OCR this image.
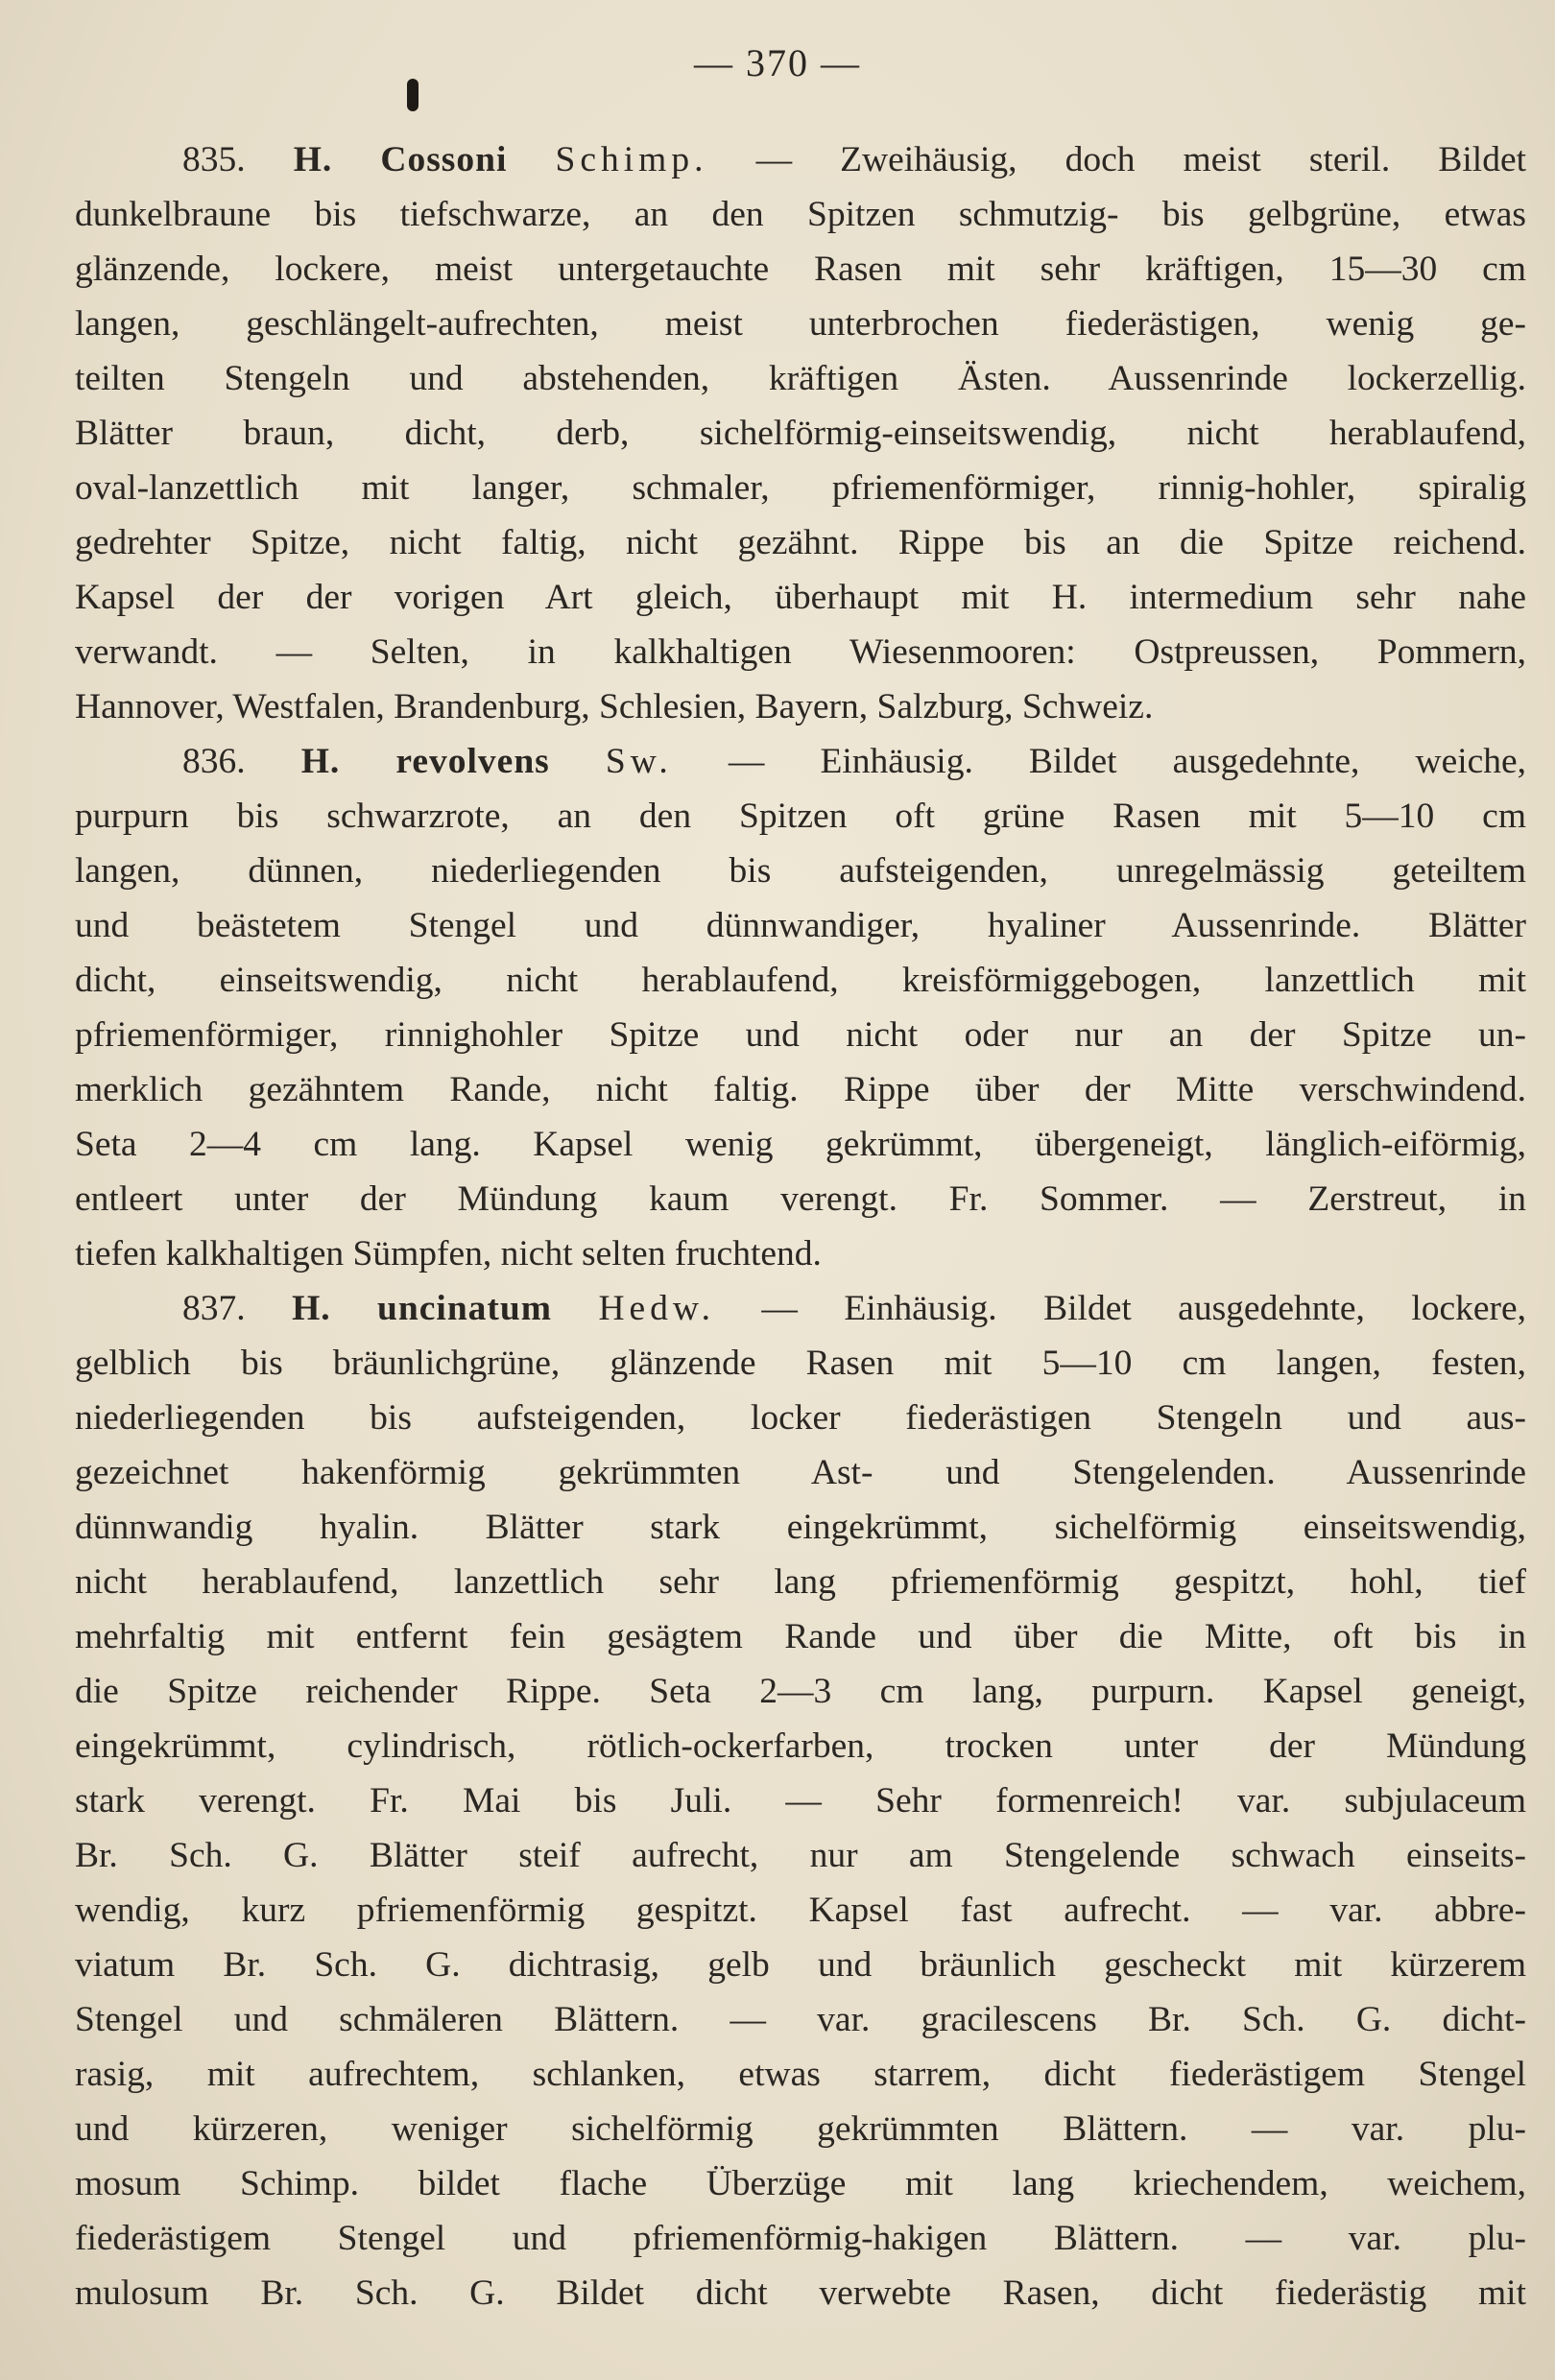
— 370 —
835. H. Cossoni Schimp. — Zweihäusig, doch meist steril. Bildet
dunkelbraune bis tiefschwarze, an den Spitzen schmutzig- bis gelbgrüne, etwas
glänzende, lockere, meist untergetauchte Rasen mit sehr kräftigen, 15—30 cm
langen, geschlängelt-aufrechten, meist unterbrochen fiederästigen, wenig ge-
teilten Stengeln und abstehenden, kräftigen Ästen. Aussenrinde lockerzellig.
Blätter braun, dicht, derb, sichelförmig-einseitswendig, nicht herablaufend,
oval-lanzettlich mit langer, schmaler, pfriemenförmiger, rinnig-hohler, spiralig
gedrehter Spitze, nicht faltig, nicht gezähnt. Rippe bis an die Spitze reichend.
Kapsel der der vorigen Art gleich, überhaupt mit H. intermedium sehr nahe
verwandt. — Selten, in kalkhaltigen Wiesenmooren: Ostpreussen, Pommern,
Hannover, Westfalen, Brandenburg, Schlesien, Bayern, Salzburg, Schweiz.
836. H. revolvens Sw. — Einhäusig. Bildet ausgedehnte, weiche,
purpurn bis schwarzrote, an den Spitzen oft grüne Rasen mit 5—10 cm
langen, dünnen, niederliegenden bis aufsteigenden, unregelmässig geteiltem
und beästetem Stengel und dünnwandiger, hyaliner Aussenrinde. Blätter
dicht, einseitswendig, nicht herablaufend, kreisförmiggebogen, lanzettlich mit
pfriemenförmiger, rinnighohler Spitze und nicht oder nur an der Spitze un-
merklich gezähntem Rande, nicht faltig. Rippe über der Mitte verschwindend.
Seta 2—4 cm lang. Kapsel wenig gekrümmt, übergeneigt, länglich-eiförmig,
entleert unter der Mündung kaum verengt. Fr. Sommer. — Zerstreut, in
tiefen kalkhaltigen Sümpfen, nicht selten fruchtend.
837. H. uncinatum Hedw. — Einhäusig. Bildet ausgedehnte, lockere,
gelblich bis bräunlichgrüne, glänzende Rasen mit 5—10 cm langen, festen,
niederliegenden bis aufsteigenden, locker fiederästigen Stengeln und aus-
gezeichnet hakenförmig gekrümmten Ast- und Stengelenden. Aussenrinde
dünnwandig hyalin. Blätter stark eingekrümmt, sichelförmig einseitswendig,
nicht herablaufend, lanzettlich sehr lang pfriemenförmig gespitzt, hohl, tief
mehrfaltig mit entfernt fein gesägtem Rande und über die Mitte, oft bis in
die Spitze reichender Rippe. Seta 2—3 cm lang, purpurn. Kapsel geneigt,
eingekrümmt, cylindrisch, rötlich-ockerfarben, trocken unter der Mündung
stark verengt. Fr. Mai bis Juli. — Sehr formenreich! var. subjulaceum
Br. Sch. G. Blätter steif aufrecht, nur am Stengelende schwach einseits-
wendig, kurz pfriemenförmig gespitzt. Kapsel fast aufrecht. — var. abbre-
viatum Br. Sch. G. dichtrasig, gelb und bräunlich gescheckt mit kürzerem
Stengel und schmäleren Blättern. — var. gracilescens Br. Sch. G. dicht-
rasig, mit aufrechtem, schlanken, etwas starrem, dicht fiederästigem Stengel
und kürzeren, weniger sichelförmig gekrümmten Blättern. — var. plu-
mosum Schimp. bildet flache Überzüge mit lang kriechendem, weichem,
fiederästigem Stengel und pfriemenförmig-hakigen Blättern. — var. plu-
mulosum Br. Sch. G. Bildet dicht verwebte Rasen, dicht fiederästig mit
